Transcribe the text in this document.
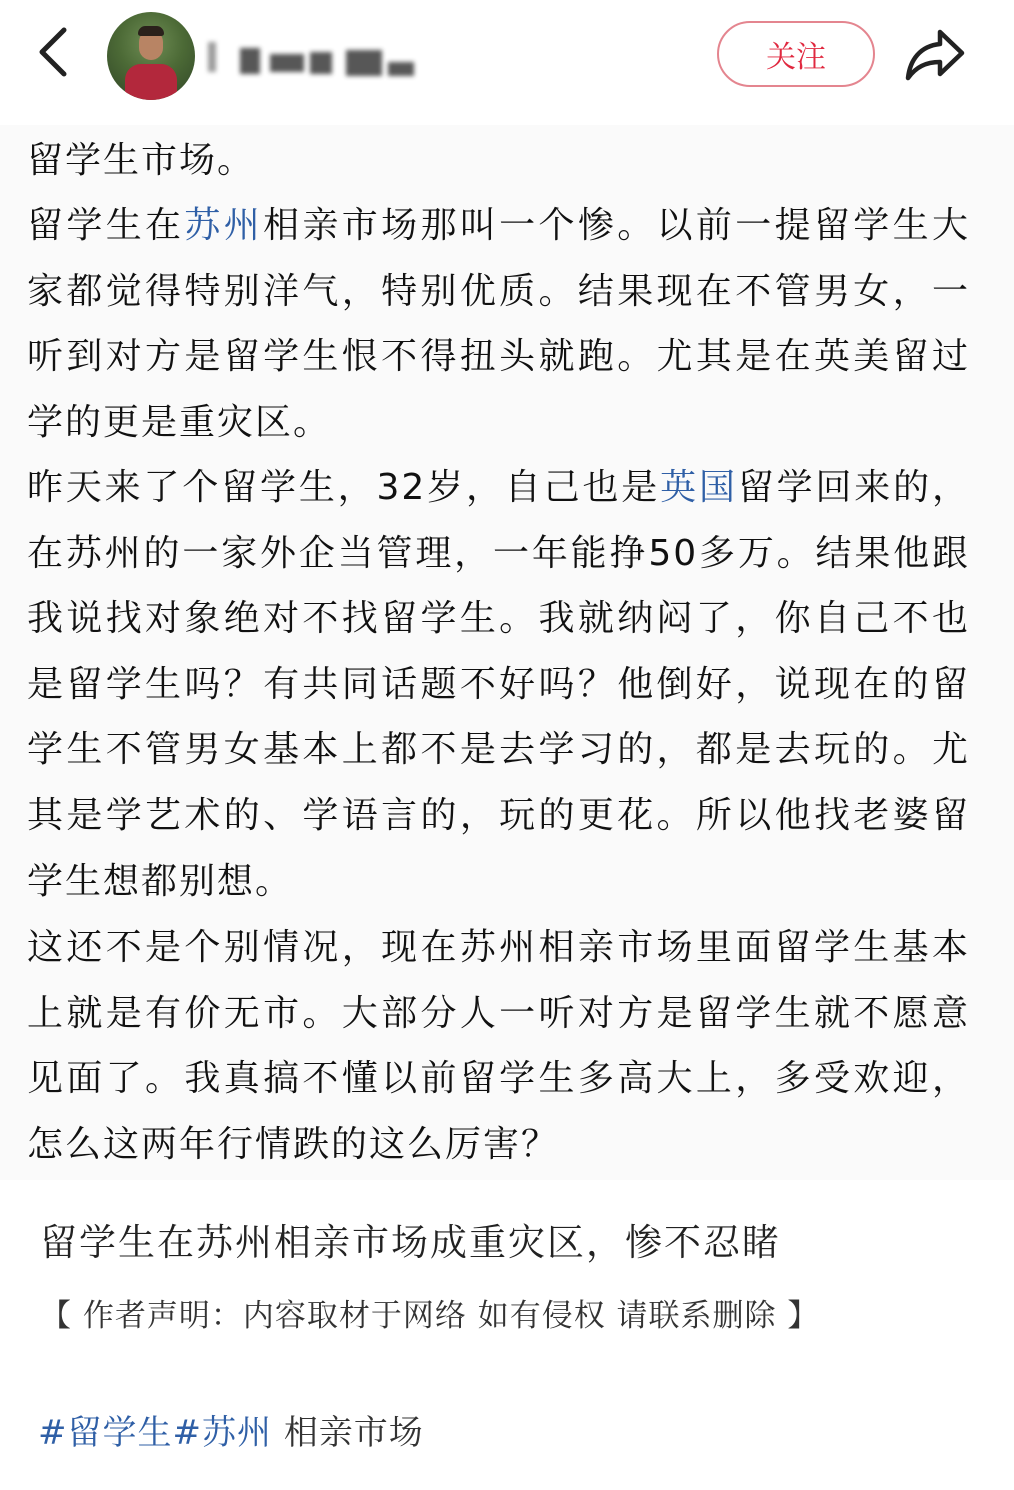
关注

留学生市场。

留学生在苏州相亲市场那叫一个惨。以前一提留学生大家都觉得特别洋气，特别优质。结果现在不管男女，一听到对方是留学生恨不得扭头就跑。尤其是在英美留过学的更是重灾区。

昨天来了个留学生，32岁，自己也是英国留学回来的，在苏州的一家外企当管理，一年能挣50多万。结果他跟我说找对象绝对不找留学生。我就纳闷了，你自己不也是留学生吗？有共同话题不好吗？他倒好，说现在的留学生不管男女基本上都不是去学习的，都是去玩的。尤其是学艺术的、学语言的，玩的更花。所以他找老婆留学生想都别想。

这还不是个别情况，现在苏州相亲市场里面留学生基本上就是有价无市。大部分人一听对方是留学生就不愿意见面了。我真搞不懂以前留学生多高大上，多受欢迎，怎么这两年行情跌的这么厉害？

留学生在苏州相亲市场成重灾区，惨不忍睹
【 作者声明：内容取材于网络 如有侵权 请联系删除 】
#留学生#苏州 相亲市场
